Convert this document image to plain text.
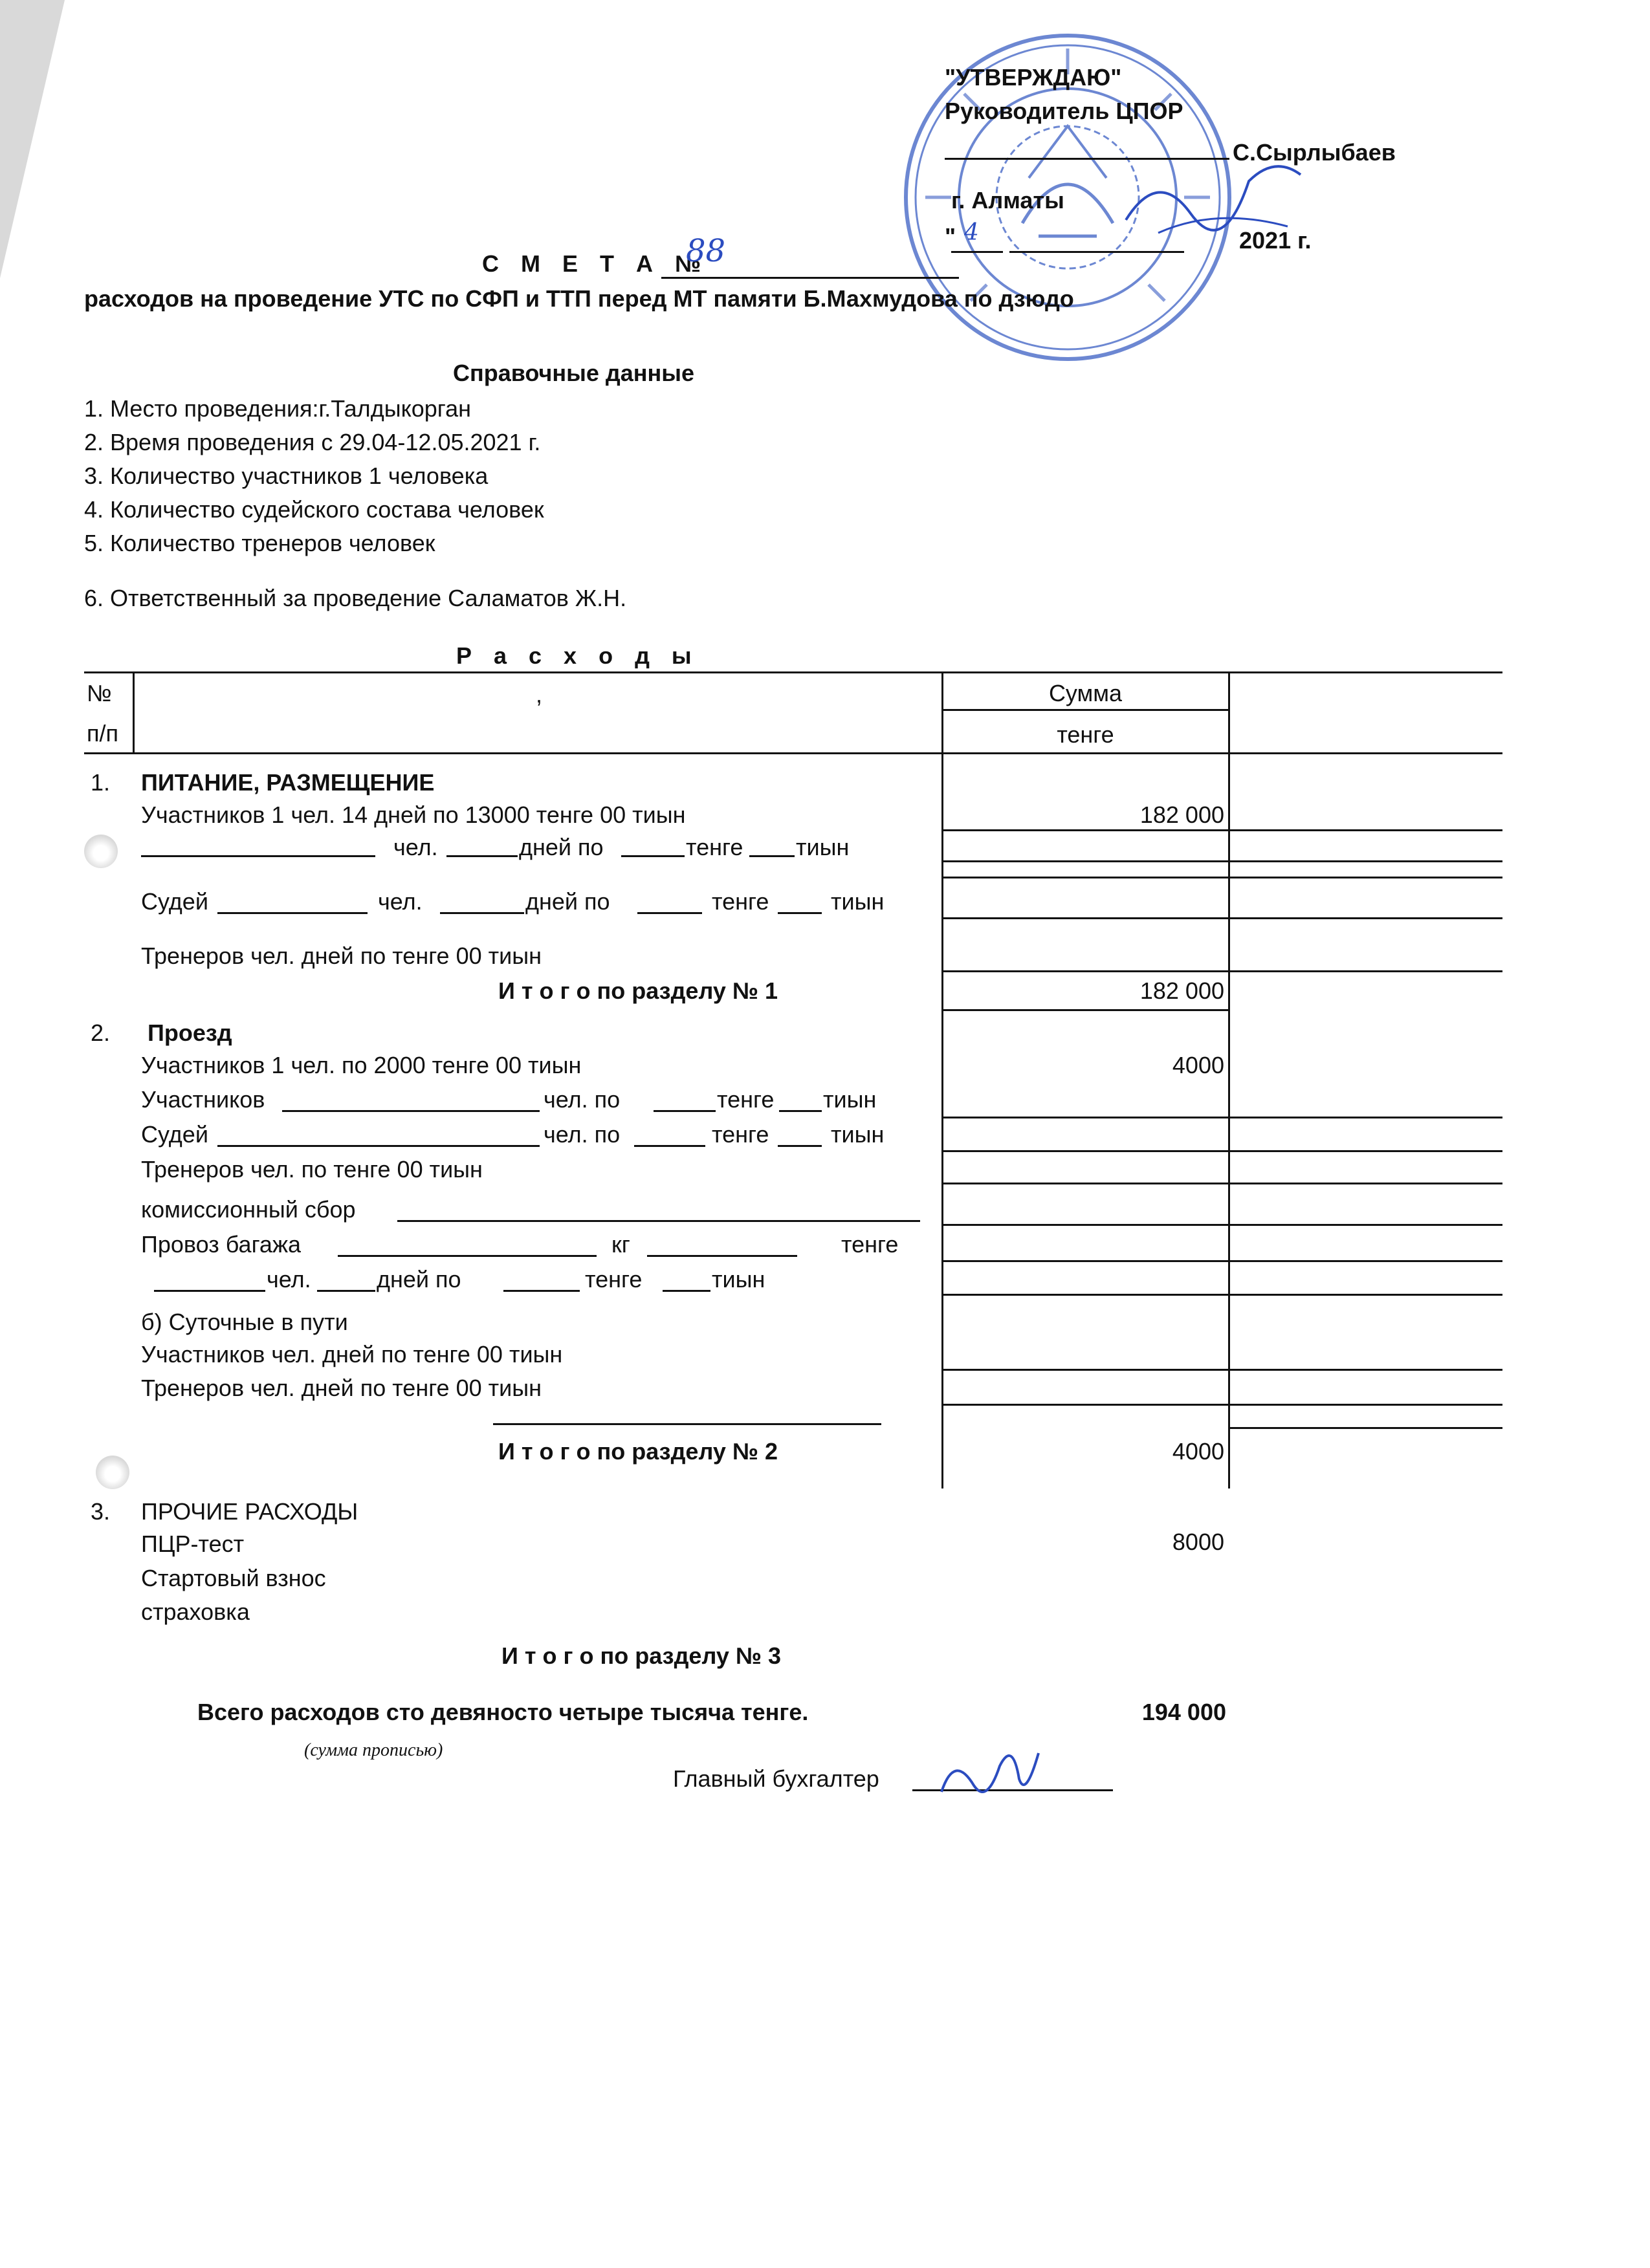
"УТВЕРЖДАЮ"
Руководитель ЦПОР
С.Сырлыбаев
г. Алматы
" 4	2021 г.
С М Е Т А №
88
расходов на проведение УТС по СФП и ТТП перед МТ памяти Б.Махмудова по дзюдо
Справочные данные
1. Место проведения:г.Талдыкорган
2. Время проведения с 29.04-12.05.2021 г.
3. Количество участников 1 человека
4. Количество судейского состава человек
5. Количество тренеров человек
6. Ответственный за проведение Саламатов Ж.Н.
Р а с х о д ы
№
п/п
,	Сумма
тенге
1. ПИТАНИЕ, РАЗМЕЩЕНИЕ
Участников 1 чел. 14 дней по 13000 тенге 00 тиын	182 000
чел.	дней по	тенге тиын
Судей	чел.	дней по	тенге	тиын
Тренеров чел. дней по тенге 00 тиын
И т о г о по разделу № 1	182 000
2. Проезд
Участников 1 чел. по 2000 тенге 00 тиын	4000
Участников	чел. по	тенге тиын
Судей	чел. по	тенге	тиын
Тренеров чел. по тенге 00 тиын
комиссионный сбор
Провоз багажа	кг	тенге
чел.	дней по	тенге	тиын
б) Суточные в пути
Участников чел. дней по тенге 00 тиын
Тренеров чел. дней по тенге 00 тиын
И т о г о по разделу № 2	4000
3. ПРОЧИЕ РАСХОДЫ
ПЦР-тест	8000
Стартовый взнос
страховка
И т о г о по разделу № 3
Всего расходов сто девяносто четыре тысяча тенге.	194 000
(сумма прописью)
Главный бухгалтер
